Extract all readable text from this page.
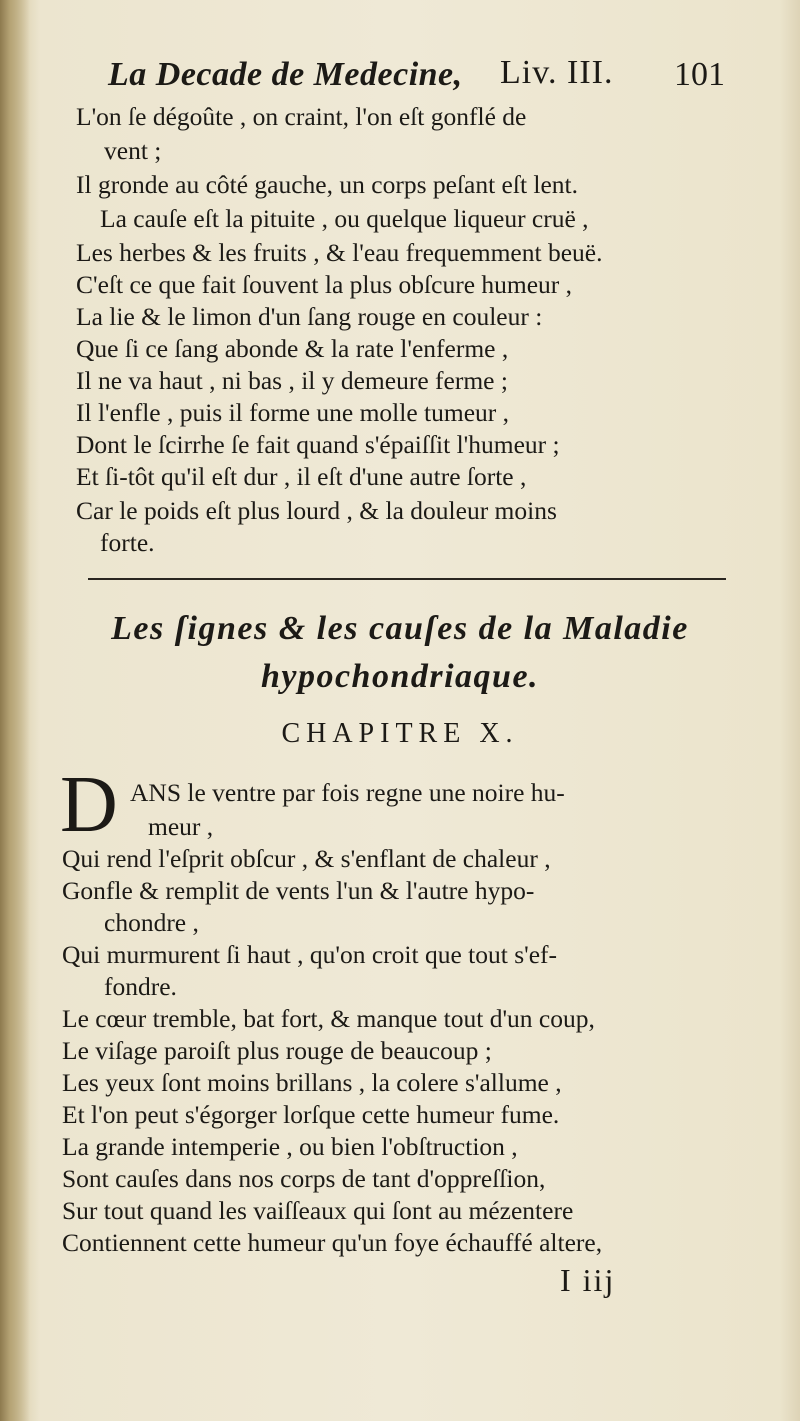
La Decade de Medecine, Liv. III. 101
L'on ſe dégoûte , on craint, l'on eſt gonflé de
vent ;
Il gronde au côté gauche, un corps peſant eſt lent.
La cauſe eſt la pituite , ou quelque liqueur cruë ,
Les herbes & les fruits , & l'eau frequemment beuë.
C'eſt ce que fait ſouvent la plus obſcure humeur ,
La lie & le limon d'un ſang rouge en couleur :
Que ſi ce ſang abonde & la rate l'enferme ,
Il ne va haut , ni bas , il y demeure ferme ;
Il l'enfle , puis il forme une molle tumeur ,
Dont le ſcirrhe ſe fait quand s'épaiſſit l'humeur ;
Et ſi-tôt qu'il eſt dur , il eſt d'une autre ſorte ,
Car le poids eſt plus lourd , & la douleur moins
forte.
Les ſignes & les cauſes de la Maladie
hypochondriaque.
CHAPITRE X.
D ANS le ventre par fois regne une noire hu-
meur ,
Qui rend l'eſprit obſcur , & s'enflant de chaleur ,
Gonfle & remplit de vents l'un & l'autre hypo-
chondre ,
Qui murmurent ſi haut , qu'on croit que tout s'ef-
fondre.
Le cœur tremble, bat fort, & manque tout d'un coup,
Le viſage paroiſt plus rouge de beaucoup ;
Les yeux ſont moins brillans , la colere s'allume ,
Et l'on peut s'égorger lorſque cette humeur fume.
La grande intemperie , ou bien l'obſtruction ,
Sont cauſes dans nos corps de tant d'oppreſſion,
Sur tout quand les vaiſſeaux qui ſont au mézentere
Contiennent cette humeur qu'un foye échauffé altere,
I iij
